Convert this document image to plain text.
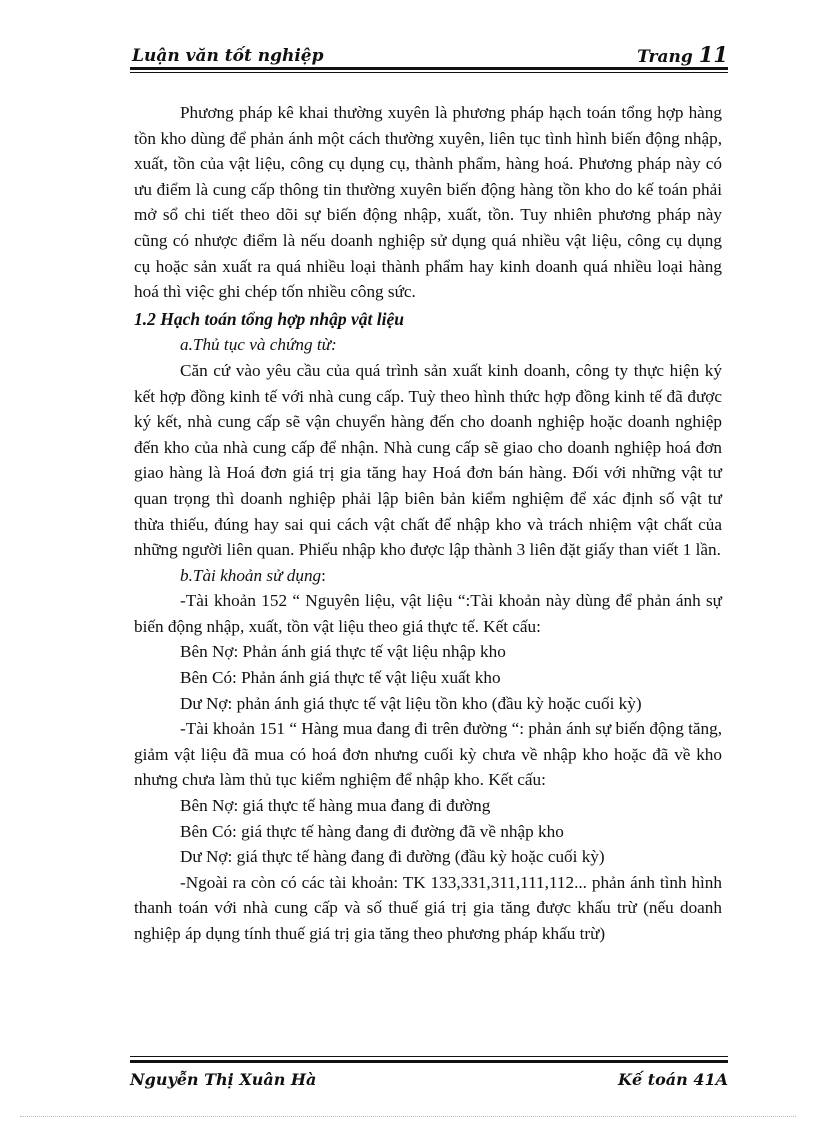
Luận văn tốt nghiệp	Trang 11

Phương pháp kê khai thường xuyên là phương pháp hạch toán tổng hợp hàng tồn kho dùng để phản ánh một cách thường xuyên, liên tục tình hình biến động nhập, xuất, tồn của vật liệu, công cụ dụng cụ, thành phẩm, hàng hoá. Phương pháp này có ưu điểm là cung cấp thông tin thường xuyên biến động hàng tồn kho do kế toán phải mở sổ chi tiết theo dõi sự biến động nhập, xuất, tồn. Tuy nhiên phương pháp này cũng có nhược điểm là nếu doanh nghiệp sử dụng quá nhiều vật liệu, công cụ dụng cụ hoặc sản xuất ra quá nhiều loại thành phẩm hay kinh doanh quá nhiều loại hàng hoá thì việc ghi chép tốn nhiều công sức.

1.2 Hạch toán tổng hợp nhập vật liệu

a.Thủ tục và chứng từ:

Căn cứ vào yêu cầu của quá trình sản xuất kinh doanh, công ty thực hiện ký kết hợp đồng kinh tế với nhà cung cấp. Tuỳ theo hình thức hợp đồng kinh tế đã được ký kết, nhà cung cấp sẽ vận chuyển hàng đến cho doanh nghiệp hoặc doanh nghiệp đến kho của nhà cung cấp để nhận. Nhà cung cấp sẽ giao cho doanh nghiệp hoá đơn giao hàng là Hoá đơn giá trị gia tăng hay Hoá đơn bán hàng. Đối với những vật tư quan trọng thì doanh nghiệp phải lập biên bản kiểm nghiệm để xác định số vật tư thừa thiếu, đúng hay sai qui cách vật chất để nhập kho và trách nhiệm vật chất của những người liên quan. Phiếu nhập kho được lập thành 3 liên đặt giấy than viết 1 lần.

b.Tài khoản sử dụng:

-Tài khoản 152 “ Nguyên liệu, vật liệu “:Tài khoản này dùng để phản ánh sự biến động nhập, xuất, tồn vật liệu theo giá thực tế. Kết cấu:

Bên Nợ: Phản ánh giá thực tế vật liệu nhập kho

Bên Có: Phản ánh giá thực tế vật liệu xuất kho

Dư Nợ: phản ánh giá thực tế vật liệu tồn kho (đầu kỳ hoặc cuối kỳ)

-Tài khoản 151 “ Hàng mua đang đi trên đường “: phản ánh sự biến động tăng, giảm vật liệu đã mua có hoá đơn nhưng cuối kỳ chưa về nhập kho hoặc đã về kho nhưng chưa làm thủ tục kiểm nghiệm để nhập kho. Kết cấu:

Bên Nợ: giá thực tế hàng mua đang đi đường

Bên Có: giá thực tế hàng đang đi đường đã về nhập kho

Dư Nợ: giá thực tế hàng đang đi đường (đầu kỳ hoặc cuối kỳ)

-Ngoài ra còn có các tài khoản: TK 133,331,311,111,112... phản ánh tình hình thanh toán với nhà cung cấp và số thuế giá trị gia tăng được khấu trừ (nếu doanh nghiệp áp dụng tính thuế giá trị gia tăng theo phương pháp khấu trừ)

Nguyễn Thị Xuân Hà	Kế toán 41A
